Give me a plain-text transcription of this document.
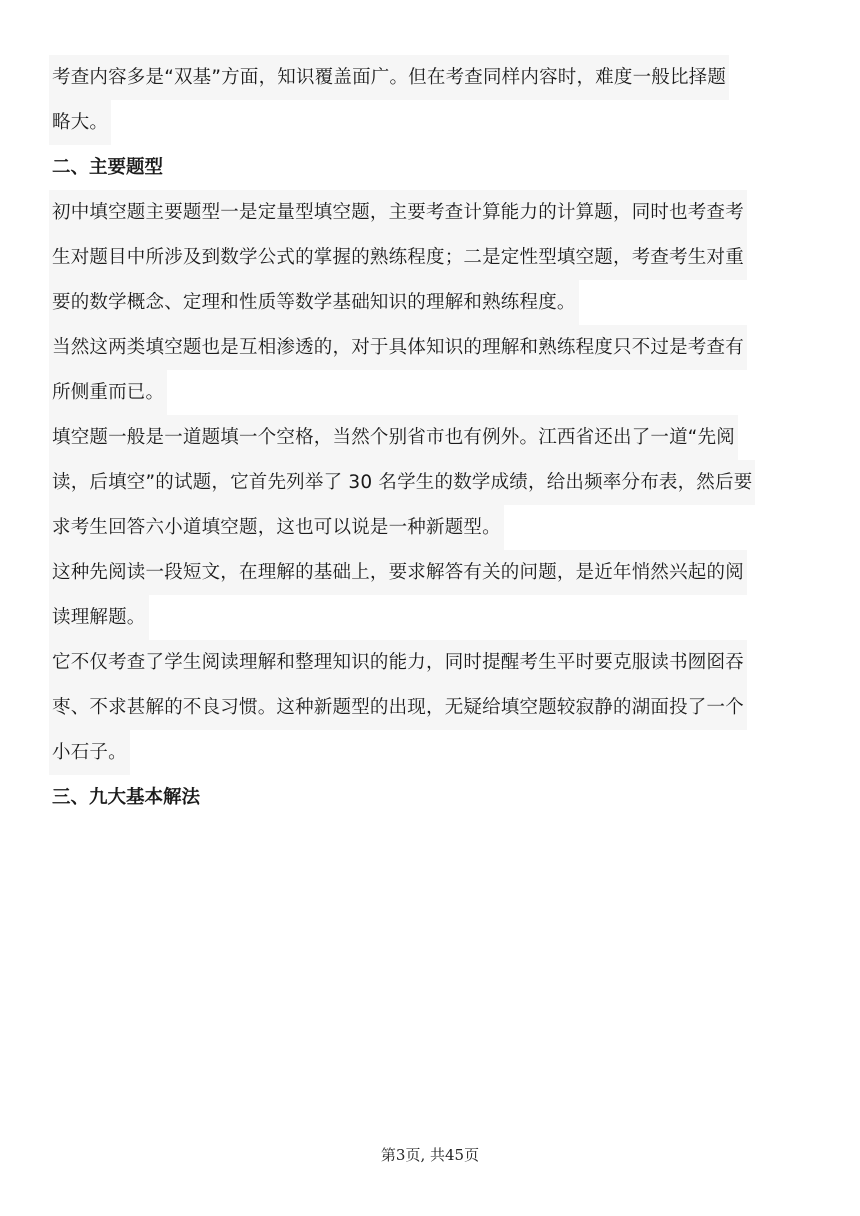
考查内容多是“双基”方面，知识覆盖面广。但在考查同样内容时，难度一般比择题
略大。

二、主要题型

初中填空题主要题型一是定量型填空题，主要考查计算能力的计算题，同时也考查考
生对题目中所涉及到数学公式的掌握的熟练程度；二是定性型填空题，考查考生对重
要的数学概念、定理和性质等数学基础知识的理解和熟练程度。

当然这两类填空题也是互相渗透的，对于具体知识的理解和熟练程度只不过是考查有
所侧重而已。

填空题一般是一道题填一个空格，当然个别省市也有例外。江西省还出了一道“先阅
读，后填空”的试题，它首先列举了 30 名学生的数学成绩，给出频率分布表，然后要
求考生回答六小道填空题，这也可以说是一种新题型。

这种先阅读一段短文，在理解的基础上，要求解答有关的问题，是近年悄然兴起的阅
读理解题。

它不仅考查了学生阅读理解和整理知识的能力，同时提醒考生平时要克服读书囫囵吞
枣、不求甚解的不良习惯。这种新题型的出现，无疑给填空题较寂静的湖面投了一个
小石子。

三、九大基本解法
第3页, 共45页
